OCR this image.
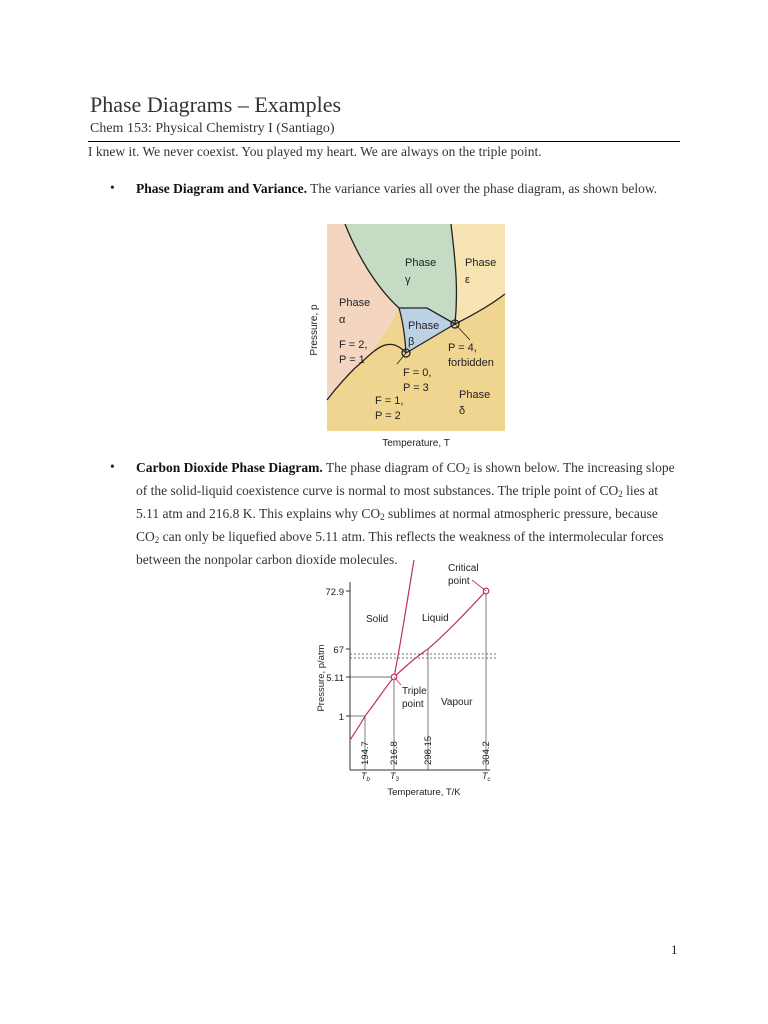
Phase Diagrams – Examples
Chem 153: Physical Chemistry I (Santiago)
I knew it. We never coexist. You played my heart. We are always on the triple point.
• Phase Diagram and Variance. The variance varies all over the phase diagram, as shown below.
Phase
α
Phase
γ
Phase
ε
Phase
β
Phase
δ
F = 2,
P = 1
F = 0,
P = 3
F = 1,
P = 2
P = 4,
forbidden
Pressure, p
Temperature, T
• Carbon Dioxide Phase Diagram. The phase diagram of $CO_2$ is shown below. The increasing slope of the solid-liquid coexistence curve is normal to most substances. The triple point of $CO_2$ lies at 5.11 atm and 216.8 K. This explains why $CO_2$ sublimes at normal atmospheric pressure, because $CO_2$ can only be liquefied above 5.11 atm. This reflects the weakness of the intermolecular forces between the nonpolar carbon dioxide molecules.
72.9
67
5.11
1
194.7 216.8 298.15	304.2
Solid	Liquid
Vapour
Critical
point
Triple
point
$T_b$ $T_3$	$T_c$
Pressure, p/atm
Temperature, T/K
1
